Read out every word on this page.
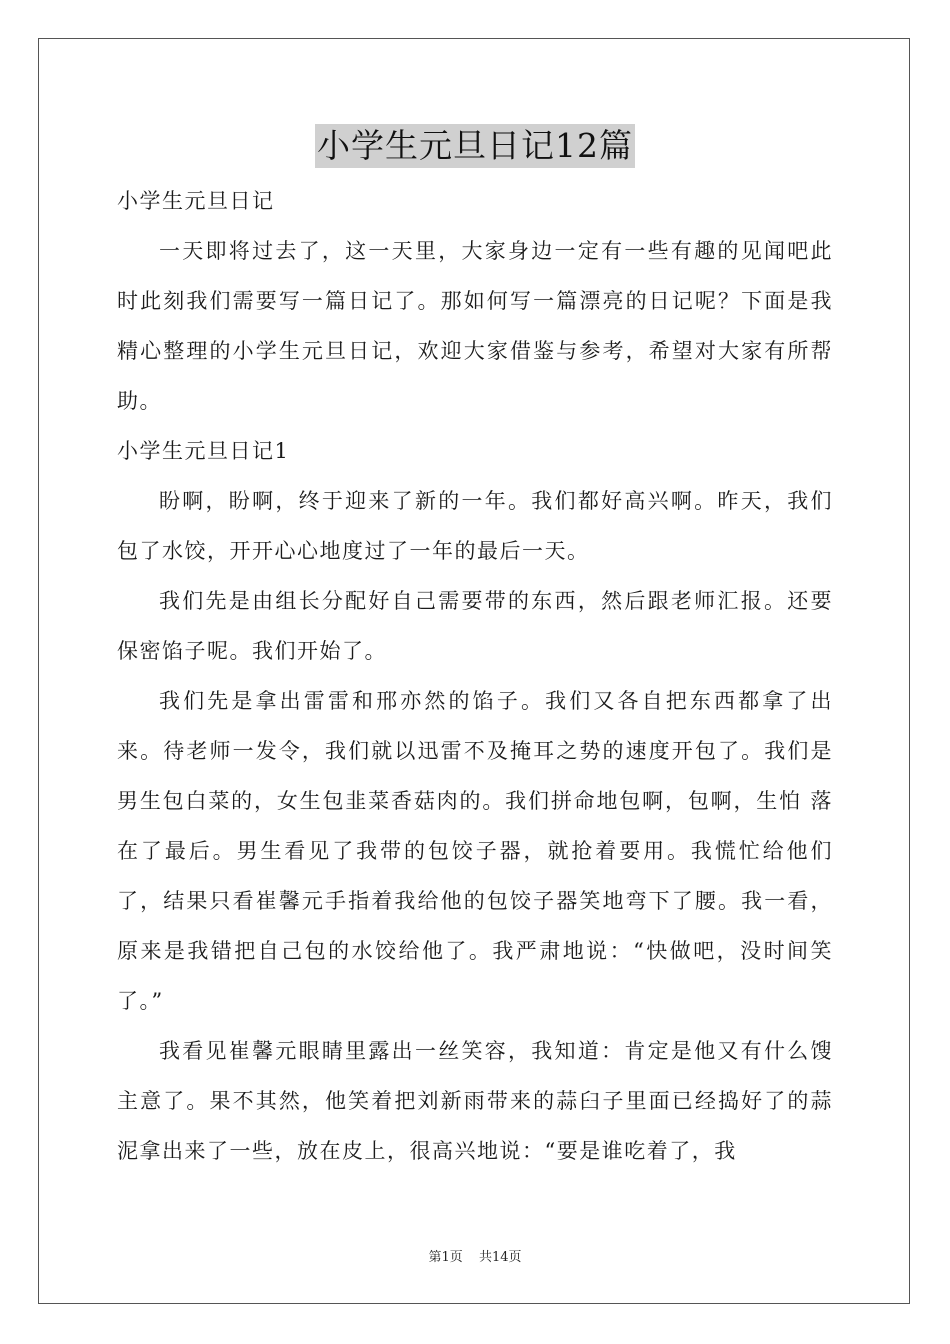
小学生元旦日记12篇

小学生元旦日记

一天即将过去了，这一天里，大家身边一定有一些有趣的见闻吧此时此刻我们需要写一篇日记了。那如何写一篇漂亮的日记呢？下面是我精心整理的小学生元旦日记，欢迎大家借鉴与参考，希望对大家有所帮助。

小学生元旦日记1

盼啊，盼啊，终于迎来了新的一年。我们都好高兴啊。昨天，我们包了水饺，开开心心地度过了一年的最后一天。

我们先是由组长分配好自己需要带的东西，然后跟老师汇报。还要保密馅子呢。我们开始了。

我们先是拿出雷雷和邢亦然的馅子。我们又各自把东西都拿了出来。待老师一发令，我们就以迅雷不及掩耳之势的速度开包了。我们是男生包白菜的，女生包韭菜香菇肉的。我们拼命地包啊，包啊，生怕 落在了最后。男生看见了我带的包饺子器，就抢着要用。我慌忙给他们了，结果只看崔馨元手指着我给他的包饺子器笑地弯下了腰。我一看，原来是我错把自己包的水饺给他了。我严肃地说：“快做吧，没时间笑了。”

我看见崔馨元眼睛里露出一丝笑容，我知道：肯定是他又有什么馊主意了。果不其然，他笑着把刘新雨带来的蒜臼子里面已经捣好了的蒜泥拿出来了一些，放在皮上，很高兴地说：“要是谁吃着了，我

第1页 共14页
